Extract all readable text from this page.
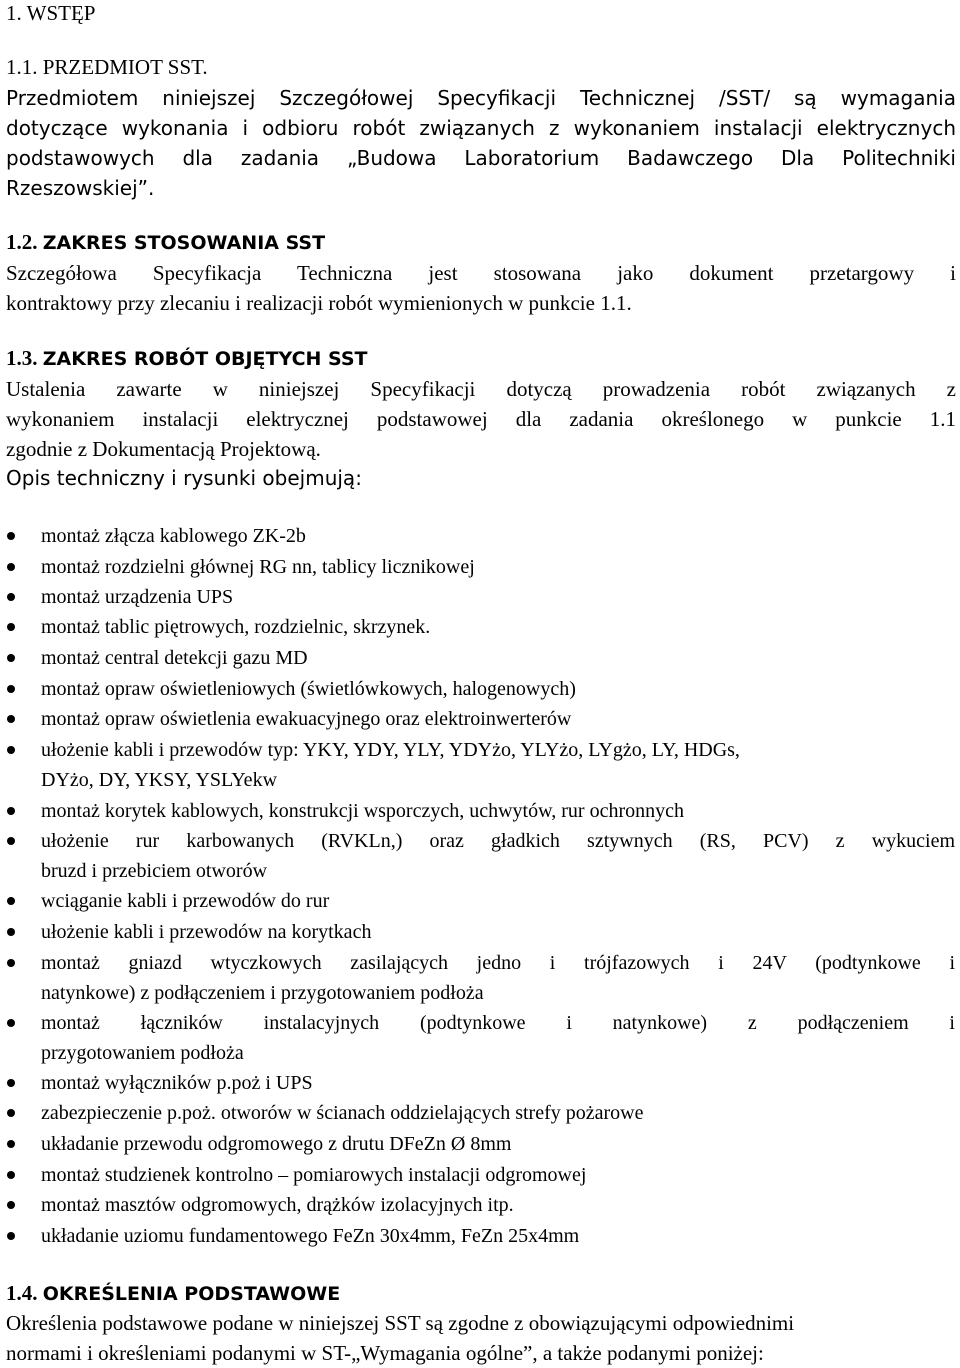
1. WSTĘP
1.1. PRZEDMIOT SST.
Przedmiotem niniejszej Szczegółowej Specyfikacji Technicznej /SST/ są wymagania
dotyczące wykonania i odbioru robót związanych z wykonaniem instalacji elektrycznych
podstawowych dla zadania „Budowa Laboratorium Badawczego Dla Politechniki
Rzeszowskiej”.
1.2. ZAKRES STOSOWANIA SST
Szczegółowa Specyfikacja Techniczna jest stosowana jako dokument przetargowy i
kontraktowy przy zlecaniu i realizacji robót wymienionych w punkcie 1.1.
1.3. ZAKRES ROBÓT OBJĘTYCH SST
Ustalenia zawarte w niniejszej Specyfikacji dotyczą prowadzenia robót związanych z
wykonaniem instalacji elektrycznej podstawowej dla zadania określonego w punkcie 1.1
zgodnie z Dokumentacją Projektową.
Opis techniczny i rysunki obejmują:
montaż złącza kablowego ZK-2b
montaż rozdzielni głównej RG nn, tablicy licznikowej
montaż urządzenia UPS
montaż tablic piętrowych, rozdzielnic, skrzynek.
montaż central detekcji gazu MD
montaż opraw oświetleniowych (świetlówkowych, halogenowych)
montaż opraw oświetlenia ewakuacyjnego oraz elektroinwerterów
ułożenie kabli i przewodów typ: YKY, YDY, YLY, YDYżo, YLYżo, LYgżo, LY, HDGs,
DYżo, DY, YKSY, YSLYekw
montaż korytek kablowych, konstrukcji wsporczych, uchwytów, rur ochronnych
ułożenie rur karbowanych (RVKLn,) oraz gładkich sztywnych (RS, PCV) z wykuciem
bruzd i przebiciem otworów
wciąganie kabli i przewodów do rur
ułożenie kabli i przewodów na korytkach
montaż gniazd wtyczkowych zasilających jedno i trójfazowych i 24V (podtynkowe i
natynkowe) z podłączeniem i przygotowaniem podłoża
montaż łączników instalacyjnych (podtynkowe i natynkowe) z podłączeniem i
przygotowaniem podłoża
montaż wyłączników p.poż i UPS
zabezpieczenie p.poż. otworów w ścianach oddzielających strefy pożarowe
układanie przewodu odgromowego z drutu DFeZn Ø 8mm
montaż studzienek kontrolno – pomiarowych instalacji odgromowej
montaż masztów odgromowych, drążków izolacyjnych itp.
układanie uziomu fundamentowego FeZn 30x4mm, FeZn 25x4mm
1.4. OKREŚLENIA PODSTAWOWE
Określenia podstawowe podane w niniejszej SST są zgodne z obowiązującymi odpowiednimi
normami i określeniami podanymi w ST-„Wymagania ogólne”, a także podanymi poniżej:
